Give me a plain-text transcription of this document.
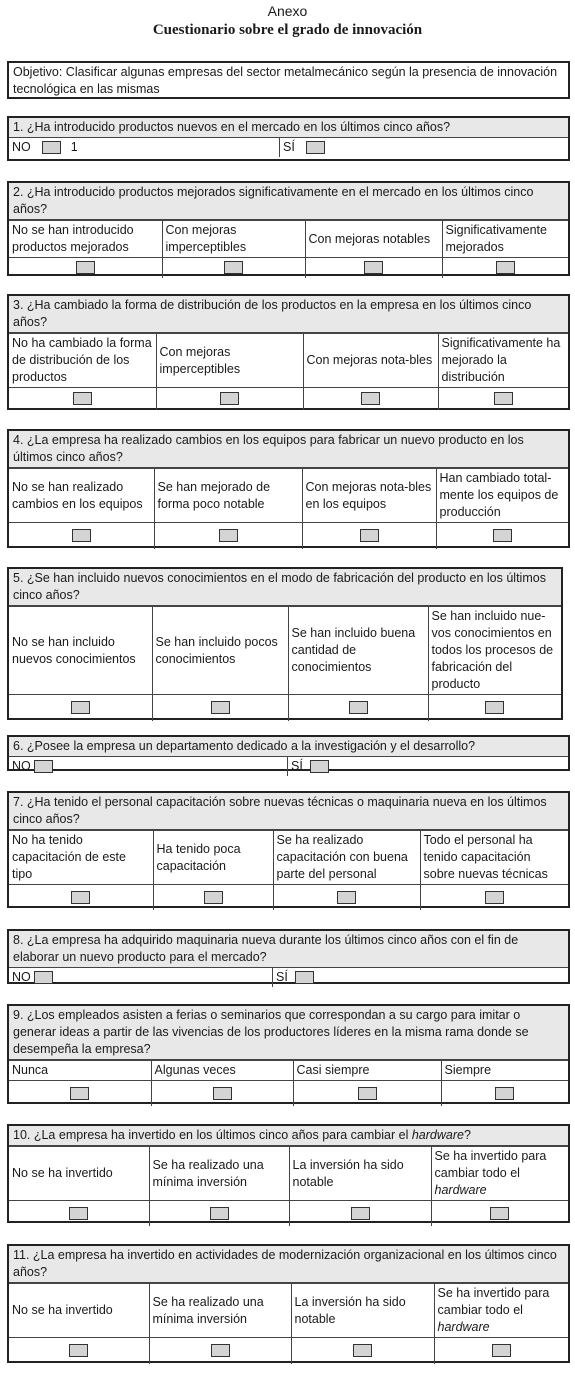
Anexo
Cuestionario sobre el grado de innovación
Objetivo: Clasificar algunas empresas del sector metalmecánico según la presencia de innovación tecnológica en las mismas
1. ¿Ha introducido productos nuevos en el mercado en los últimos cinco años?
NO	1	SÍ
2. ¿Ha introducido productos mejorados significativamente en el mercado en los últimos cinco años?
No se han introducido productos mejorados	Con mejoras imperceptibles	Con mejoras notables	Significativamente mejorados

3. ¿Ha cambiado la forma de distribución de los productos en la empresa en los últimos cinco años?
No ha cambiado la forma de distribución de los productos	Con mejoras imperceptibles	Con mejoras nota-bles	Significativamente ha mejorado la distribución

4. ¿La empresa ha realizado cambios en los equipos para fabricar un nuevo producto en los últimos cinco años?
No se han realizado cambios en los equipos	Se han mejorado de forma poco notable	Con mejoras nota-bles en los equipos	Han cambiado total-mente los equipos de producción

5. ¿Se han incluido nuevos conocimientos en el modo de fabricación del producto en los últimos cinco años?
No se han incluido nuevos conocimientos	Se han incluido pocos conocimientos	Se han incluido buena cantidad de conocimientos	Se han incluido nue-vos conocimientos en todos los procesos de fabricación del producto

6. ¿Posee la empresa un departamento dedicado a la investigación y el desarrollo?
NO	SÍ
7. ¿Ha tenido el personal capacitación sobre nuevas técnicas o maquinaria nueva en los últimos cinco años?
No ha tenido capacitación de este tipo	Ha tenido poca capacitación	Se ha realizado capacitación con buena parte del personal	Todo el personal ha tenido capacitación sobre nuevas técnicas

8. ¿La empresa ha adquirido maquinaria nueva durante los últimos cinco años con el fin de elaborar un nuevo producto para el mercado?
NO	SÍ
9. ¿Los empleados asisten a ferias o seminarios que correspondan a su cargo para imitar o generar ideas a partir de las vivencias de los productores líderes en la misma rama donde se desempeña la empresa?
Nunca	Algunas veces	Casi siempre	Siempre

10. ¿La empresa ha invertido en los últimos cinco años para cambiar el hardware?
No se ha invertido	Se ha realizado una mínima inversión	La inversión ha sido notable	Se ha invertido para cambiar todo el hardware

11. ¿La empresa ha invertido en actividades de modernización organizacional en los últimos cinco años?
No se ha invertido	Se ha realizado una mínima inversión	La inversión ha sido notable	Se ha invertido para cambiar todo el hardware
